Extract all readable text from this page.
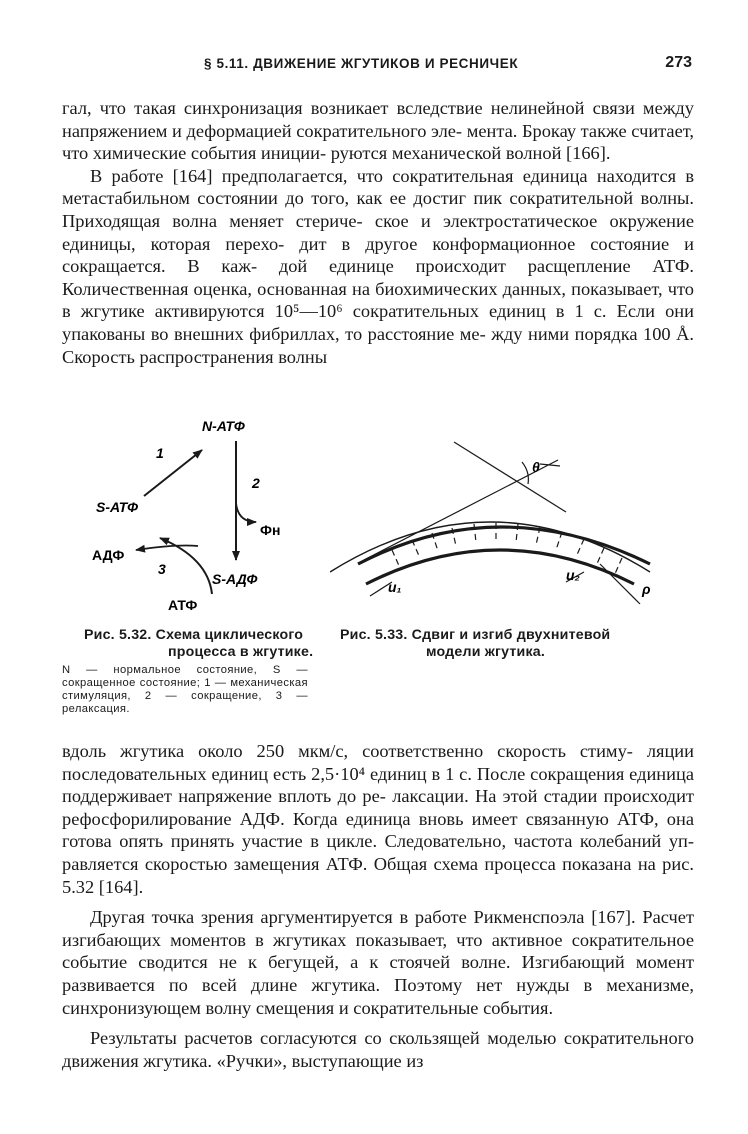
§ 5.11. ДВИЖЕНИЕ ЖГУТИКОВ И РЕСНИЧЕК	273

гал, что такая синхронизация возникает вследствие нелинейной связи между напряжением и деформацией сократительного эле- мента. Брокау также считает, что химические события иниции- руются механической волной [166].

В работе [164] предполагается, что сократительная единица находится в метастабильном состоянии до того, как ее достиг пик сократительной волны. Приходящая волна меняет стериче- ское и электростатическое окружение единицы, которая перехо- дит в другое конформационное состояние и сокращается. В каж- дой единице происходит расщепление АТФ. Количественная оценка, основанная на биохимических данных, показывает, что в жгутике активируются 10⁵—10⁶ сократительных единиц в 1 с. Если они упакованы во внешних фибриллах, то расстояние ме- жду ними порядка 100 Å. Скорость распространения волны

N-АТФ
S-АТФ
S-АДФ
АДФ
АТФ
Фн
1
2
3
θ
u₁
u₂
ρ
Рис. 5.32. Схема циклического
процесса в жгутике.
N — нормальное состояние, S — сокращенное состояние; 1 — механическая стимуляция, 2 — сокращение, 3 — релаксация.
Рис. 5.33. Сдвиг и изгиб двухнитевой
модели жгутика.

вдоль жгутика около 250 мкм/с, соответственно скорость стиму- ляции последовательных единиц есть 2,5·10⁴ единиц в 1 с. После сокращения единица поддерживает напряжение вплоть до ре- лаксации. На этой стадии происходит рефосфорилирование АДФ. Когда единица вновь имеет связанную АТФ, она готова опять принять участие в цикле. Следовательно, частота колебаний уп- равляется скоростью замещения АТФ. Общая схема процесса показана на рис. 5.32 [164].

Другая точка зрения аргументируется в работе Рикменспоэла [167]. Расчет изгибающих моментов в жгутиках показывает, что активное сократительное событие сводится не к бегущей, а к стоячей волне. Изгибающий момент развивается по всей длине жгутика. Поэтому нет нужды в механизме, синхронизующем волну смещения и сократительные события.

Результаты расчетов согласуются со скользящей моделью сократительного движения жгутика. «Ручки», выступающие из
